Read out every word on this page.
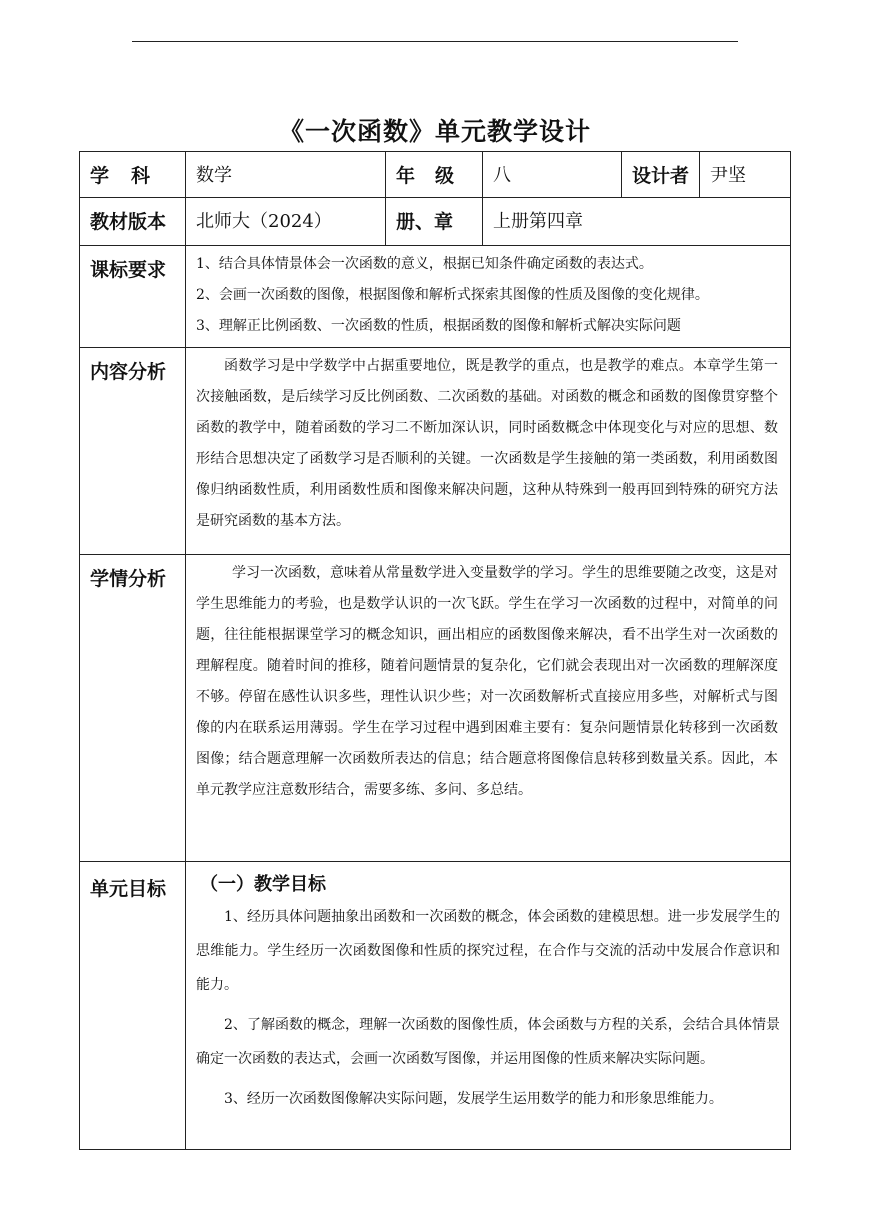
《一次函数》单元教学设计
学科	数学	年级	八	设计者	尹坚
教材版本	北师大（2024）	册、章	上册第四章		
课标要求	1、结合具体情景体会一次函数的意义，根据已知条件确定函数的表达式。

2、会画一次函数的图像，根据图像和解析式探索其图像的性质及图像的变化规律。

3、理解正比例函数、一次函数的性质，根据函数的图像和解析式解决实际问题				

内容分析	函数学习是中学数学中占据重要地位，既是教学的重点，也是教学的难点。本章学生第一次接触函数，是后续学习反比例函数、二次函数的基础。对函数的概念和函数的图像贯穿整个函数的教学中，随着函数的学习二不断加深认识，同时函数概念中体现变化与对应的思想、数形结合思想决定了函数学习是否顺利的关键。一次函数是学生接触的第一类函数，利用函数图像归纳函数性质，利用函数性质和图像来解决问题，这种从特殊到一般再回到特殊的研究方法是研究函数的基本方法。				

学情分析	学习一次函数，意味着从常量数学进入变量数学的学习。学生的思维要随之改变，这是对学生思维能力的考验，也是数学认识的一次飞跃。学生在学习一次函数的过程中，对简单的问题，往往能根据课堂学习的概念知识，画出相应的函数图像来解决，看不出学生对一次函数的理解程度。随着时间的推移，随着问题情景的复杂化，它们就会表现出对一次函数的理解深度不够。停留在感性认识多些，理性认识少些；对一次函数解析式直接应用多些，对解析式与图像的内在联系运用薄弱。学生在学习过程中遇到困难主要有：复杂问题情景化转移到一次函数图像；结合题意理解一次函数所表达的信息；结合题意将图像信息转移到数量关系。因此，本单元教学应注意数形结合，需要多练、多问、多总结。				

单元目标	（一）教学目标

1、经历具体问题抽象出函数和一次函数的概念，体会函数的建模思想。进一步发展学生的思维能力。学生经历一次函数图像和性质的探究过程，在合作与交流的活动中发展合作意识和能力。

2、了解函数的概念，理解一次函数的图像性质，体会函数与方程的关系，会结合具体情景确定一次函数的表达式，会画一次函数写图像，并运用图像的性质来解决实际问题。

3、经历一次函数图像解决实际问题，发展学生运用数学的能力和形象思维能力。				
